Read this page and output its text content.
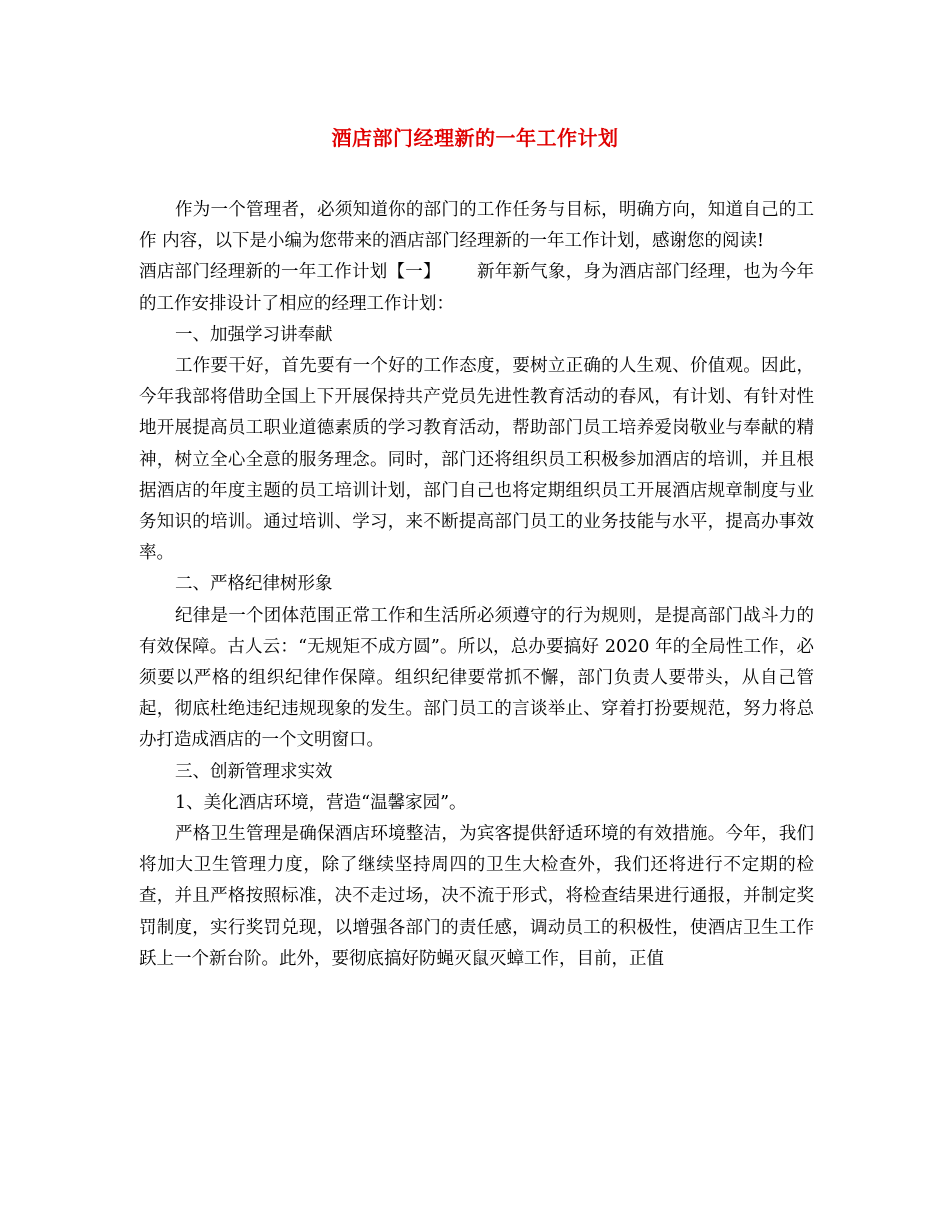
酒店部门经理新的一年工作计划

作为一个管理者，必须知道你的部门的工作任务与目标，明确方向，知道自己的工作 内容，以下是小编为您带来的酒店部门经理新的一年工作计划，感谢您的阅读!

酒店部门经理新的一年工作计划【一】 新年新气象，身为酒店部门经理，也为今年的工作安排设计了相应的经理工作计划：

一、加强学习讲奉献

工作要干好，首先要有一个好的工作态度，要树立正确的人生观、价值观。因此，今年我部将借助全国上下开展保持共产党员先进性教育活动的春风，有计划、有针对性地开展提高员工职业道德素质的学习教育活动，帮助部门员工培养爱岗敬业与奉献的精神，树立全心全意的服务理念。同时，部门还将组织员工积极参加酒店的培训，并且根据酒店的年度主题的员工培训计划，部门自己也将定期组织员工开展酒店规章制度与业务知识的培训。通过培训、学习，来不断提高部门员工的业务技能与水平，提高办事效率。

二、严格纪律树形象

纪律是一个团体范围正常工作和生活所必须遵守的行为规则，是提高部门战斗力的有效保障。古人云：“无规矩不成方圆”。所以，总办要搞好 2020 年的全局性工作，必须要以严格的组织纪律作保障。组织纪律要常抓不懈，部门负责人要带头，从自己管起，彻底杜绝违纪违规现象的发生。部门员工的言谈举止、穿着打扮要规范，努力将总办打造成酒店的一个文明窗口。

三、创新管理求实效

1、美化酒店环境，营造“温馨家园”。

严格卫生管理是确保酒店环境整洁，为宾客提供舒适环境的有效措施。今年，我们将加大卫生管理力度，除了继续坚持周四的卫生大检查外，我们还将进行不定期的检查，并且严格按照标准，决不走过场，决不流于形式，将检查结果进行通报，并制定奖罚制度，实行奖罚兑现，以增强各部门的责任感，调动员工的积极性，使酒店卫生工作跃上一个新台阶。此外，要彻底搞好防蝇灭鼠灭蟑工作，目前，正值
